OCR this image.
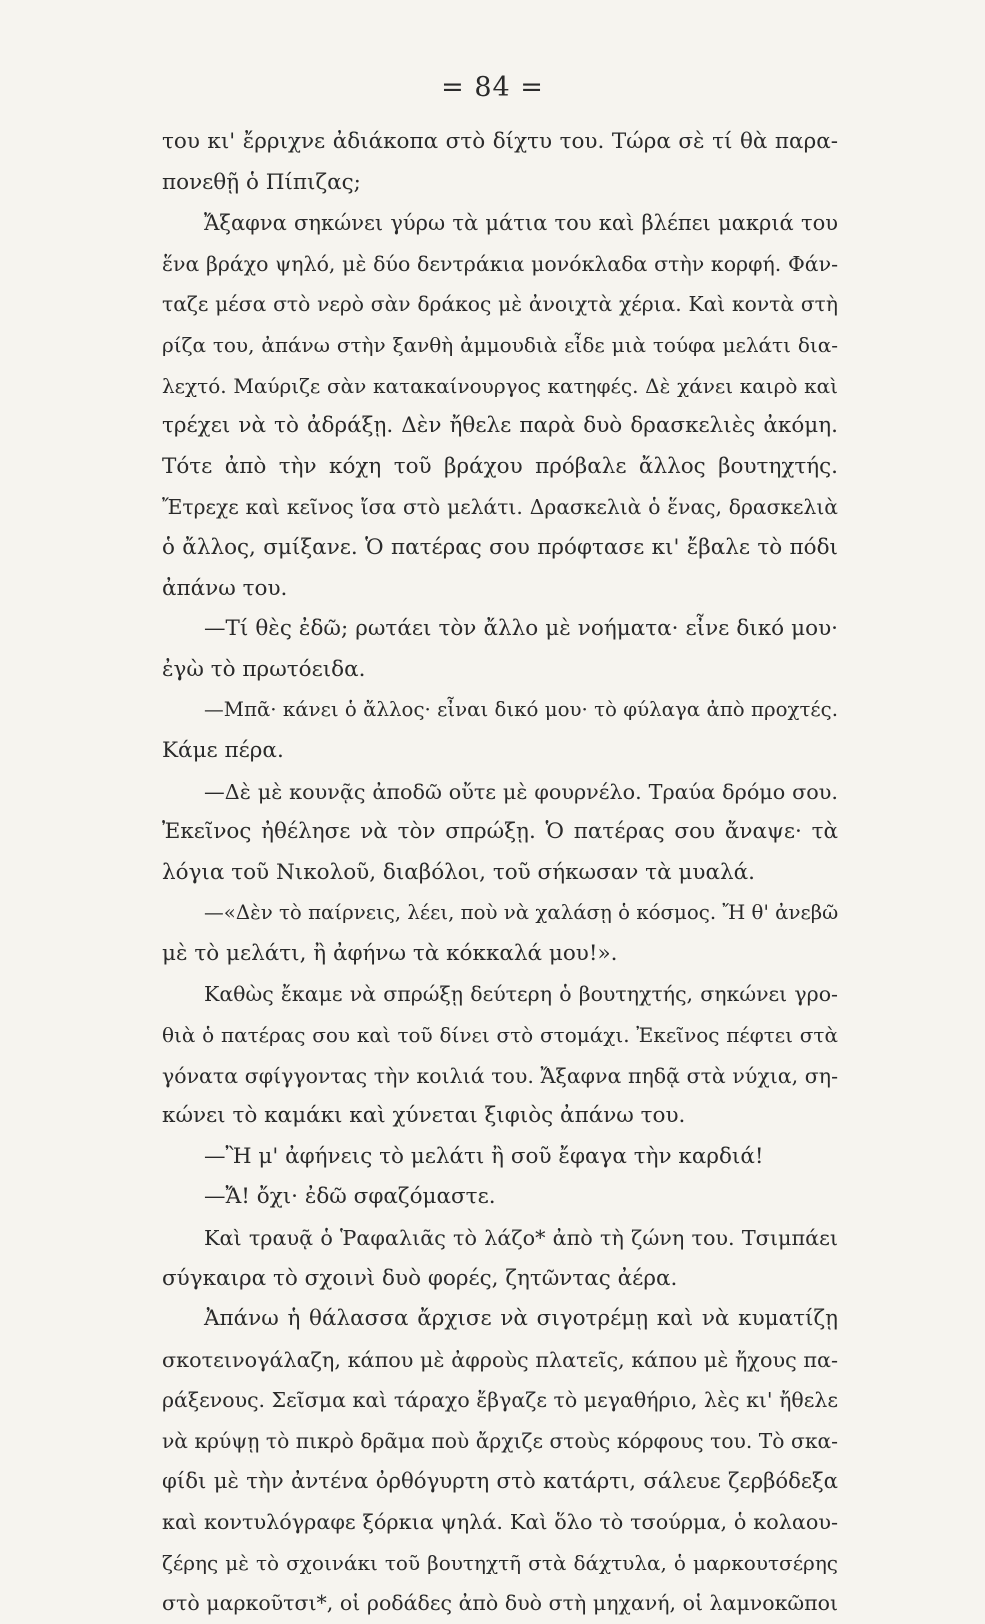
= 84 =
του κι' ἔρριχνε ἀδιάκοπα στὸ δίχτυ του. Τώρα σὲ τί θὰ παρα-
πονεθῇ ὁ Πίπιζας;
Ἄξαφνα σηκώνει γύρω τὰ μάτια του καὶ βλέπει μακριά του
ἕνα βράχο ψηλό, μὲ δύο δεντράκια μονόκλαδα στὴν κορφή. Φάν-
ταζε μέσα στὸ νερὸ σὰν δράκος μὲ ἀνοιχτὰ χέρια. Καὶ κοντὰ στὴ
ρίζα του, ἀπάνω στὴν ξανθὴ ἀμμουδιὰ εἶδε μιὰ τούφα μελάτι δια-
λεχτό. Μαύριζε σὰν κατακαίνουργος κατηφές. Δὲ χάνει καιρὸ καὶ
τρέχει νὰ τὸ ἀδράξῃ. Δὲν ἤθελε παρὰ δυὸ δρασκελιὲς ἀκόμη.
Τότε ἀπὸ τὴν κόχη τοῦ βράχου πρόβαλε ἄλλος βουτηχτής.
Ἔτρεχε καὶ κεῖνος ἴσα στὸ μελάτι. Δρασκελιὰ ὁ ἕνας, δρασκελιὰ
ὁ ἄλλος, σμίξανε. Ὁ πατέρας σου πρόφτασε κι' ἔβαλε τὸ πόδι
ἀπάνω του.
—Τί θὲς ἐδῶ; ρωτάει τὸν ἄλλο μὲ νοήματα· εἶνε δικό μου·
ἐγὼ τὸ πρωτόειδα.
—Μπᾶ· κάνει ὁ ἄλλος· εἶναι δικό μου· τὸ φύλαγα ἀπὸ προχτές.
Κάμε πέρα.
—Δὲ μὲ κουνᾷς ἀποδῶ οὔτε μὲ φουρνέλο. Τραύα δρόμο σου.
Ἐκεῖνος ἠθέλησε νὰ τὸν σπρώξῃ. Ὁ πατέρας σου ἄναψε· τὰ
λόγια τοῦ Νικολοῦ, διαβόλοι, τοῦ σήκωσαν τὰ μυαλά.
—«Δὲν τὸ παίρνεις, λέει, ποὺ νὰ χαλάσῃ ὁ κόσμος. Ἤ θ' ἀνεβῶ
μὲ τὸ μελάτι, ἢ ἀφήνω τὰ κόκκαλά μου!».
Καθὼς ἔκαμε νὰ σπρώξῃ δεύτερη ὁ βουτηχτής, σηκώνει γρο-
θιὰ ὁ πατέρας σου καὶ τοῦ δίνει στὸ στομάχι. Ἐκεῖνος πέφτει στὰ
γόνατα σφίγγοντας τὴν κοιλιά του. Ἄξαφνα πηδᾷ στὰ νύχια, ση-
κώνει τὸ καμάκι καὶ χύνεται ξιφιὸς ἀπάνω του.
—Ἢ μ' ἀφήνεις τὸ μελάτι ἢ σοῦ ἔφαγα τὴν καρδιά!
—Ἄ! ὄχι· ἐδῶ σφαζόμαστε.
Καὶ τραυᾷ ὁ Ῥαφαλιᾶς τὸ λάζο* ἀπὸ τὴ ζώνη του. Τσιμπάει
σύγκαιρα τὸ σχοινὶ δυὸ φορές, ζητῶντας ἀέρα.
Ἀπάνω ἡ θάλασσα ἄρχισε νὰ σιγοτρέμῃ καὶ νὰ κυματίζῃ
σκοτεινογάλαζη, κάπου μὲ ἀφροὺς πλατεῖς, κάπου μὲ ἤχους πα-
ράξενους. Σεῖσμα καὶ τάραχο ἔβγαζε τὸ μεγαθήριο, λὲς κι' ἤθελε
νὰ κρύψῃ τὸ πικρὸ δρᾶμα ποὺ ἄρχιζε στοὺς κόρφους του. Τὸ σκα-
φίδι μὲ τὴν ἀντένα ὀρθόγυρτη στὸ κατάρτι, σάλευε ζερβόδεξα
καὶ κοντυλόγραφε ξόρκια ψηλά. Καὶ ὅλο τὸ τσούρμα, ὁ κολαου-
ζέρης μὲ τὸ σχοινάκι τοῦ βουτηχτῆ στὰ δάχτυλα, ὁ μαρκουτσέρης
στὸ μαρκοῦτσι*, οἱ ροδάδες ἀπὸ δυὸ στὴ μηχανή, οἱ λαμνοκῶποι
